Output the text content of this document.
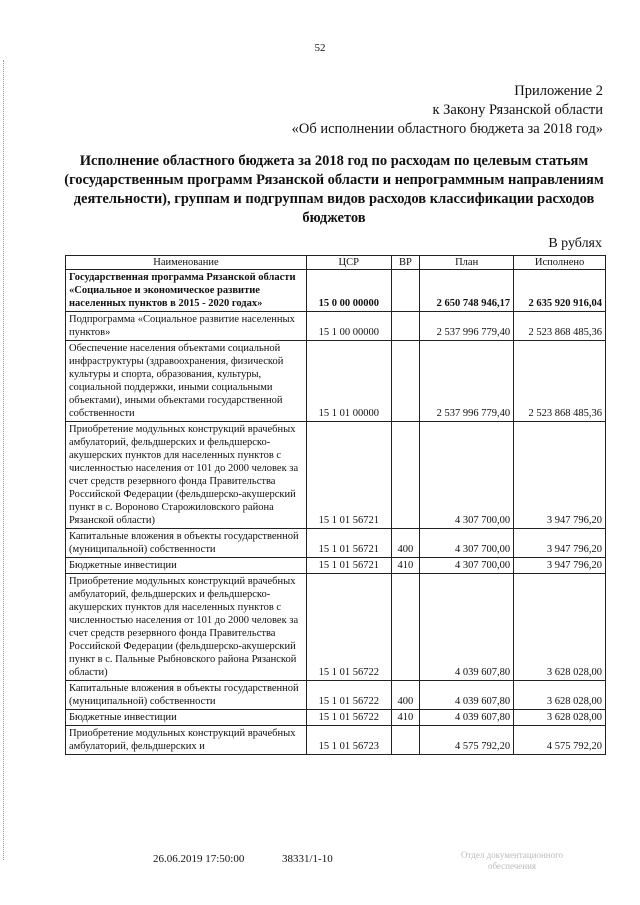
52
Приложение 2
к Закону Рязанской области
«Об исполнении областного бюджета за 2018 год»
Исполнение областного бюджета за 2018 год по расходам по целевым статьям (государственным программ Рязанской области и непрограммным направлениям деятельности), группам и подгруппам видов расходов классификации расходов бюджетов
В рублях
Наименование	ЦСР	ВР	План	Исполнено
Государственная программа Рязанской области «Социальное и экономическое развитие населенных пунктов в 2015 - 2020 годах»	15 0 00 00000		2 650 748 946,17	2 635 920 916,04
Подпрограмма «Социальное развитие населенных пунктов»	15 1 00 00000		2 537 996 779,40	2 523 868 485,36
Обеспечение населения объектами социальной инфраструктуры (здравоохранения, физической культуры и спорта, образования, культуры, социальной поддержки, иными социальными объектами), иными объектами государственной собственности	15 1 01 00000		2 537 996 779,40	2 523 868 485,36
Приобретение модульных конструкций врачебных амбулаторий, фельдшерских и фельдшерско-акушерских пунктов для населенных пунктов с численностью населения от 101 до 2000 человек за счет средств резервного фонда Правительства Российской Федерации (фельдшерско-акушерский пункт в с. Вороново Старожиловского района Рязанской области)	15 1 01 56721		4 307 700,00	3 947 796,20
Капитальные вложения в объекты государственной (муниципальной) собственности	15 1 01 56721	400	4 307 700,00	3 947 796,20
Бюджетные инвестиции	15 1 01 56721	410	4 307 700,00	3 947 796,20
Приобретение модульных конструкций врачебных амбулаторий, фельдшерских и фельдшерско-акушерских пунктов для населенных пунктов с численностью населения от 101 до 2000 человек за счет средств резервного фонда Правительства Российской Федерации (фельдшерско-акушерский пункт в с. Пальные Рыбновского района Рязанской области)	15 1 01 56722		4 039 607,80	3 628 028,00
Капитальные вложения в объекты государственной (муниципальной) собственности	15 1 01 56722	400	4 039 607,80	3 628 028,00
Бюджетные инвестиции	15 1 01 56722	410	4 039 607,80	3 628 028,00
Приобретение модульных конструкций врачебных амбулаторий, фельдшерских и	15 1 01 56723		4 575 792,20	4 575 792,20
26.06.2019 17:50:00	38331/1-10	Отдел документационного
обеспечения
